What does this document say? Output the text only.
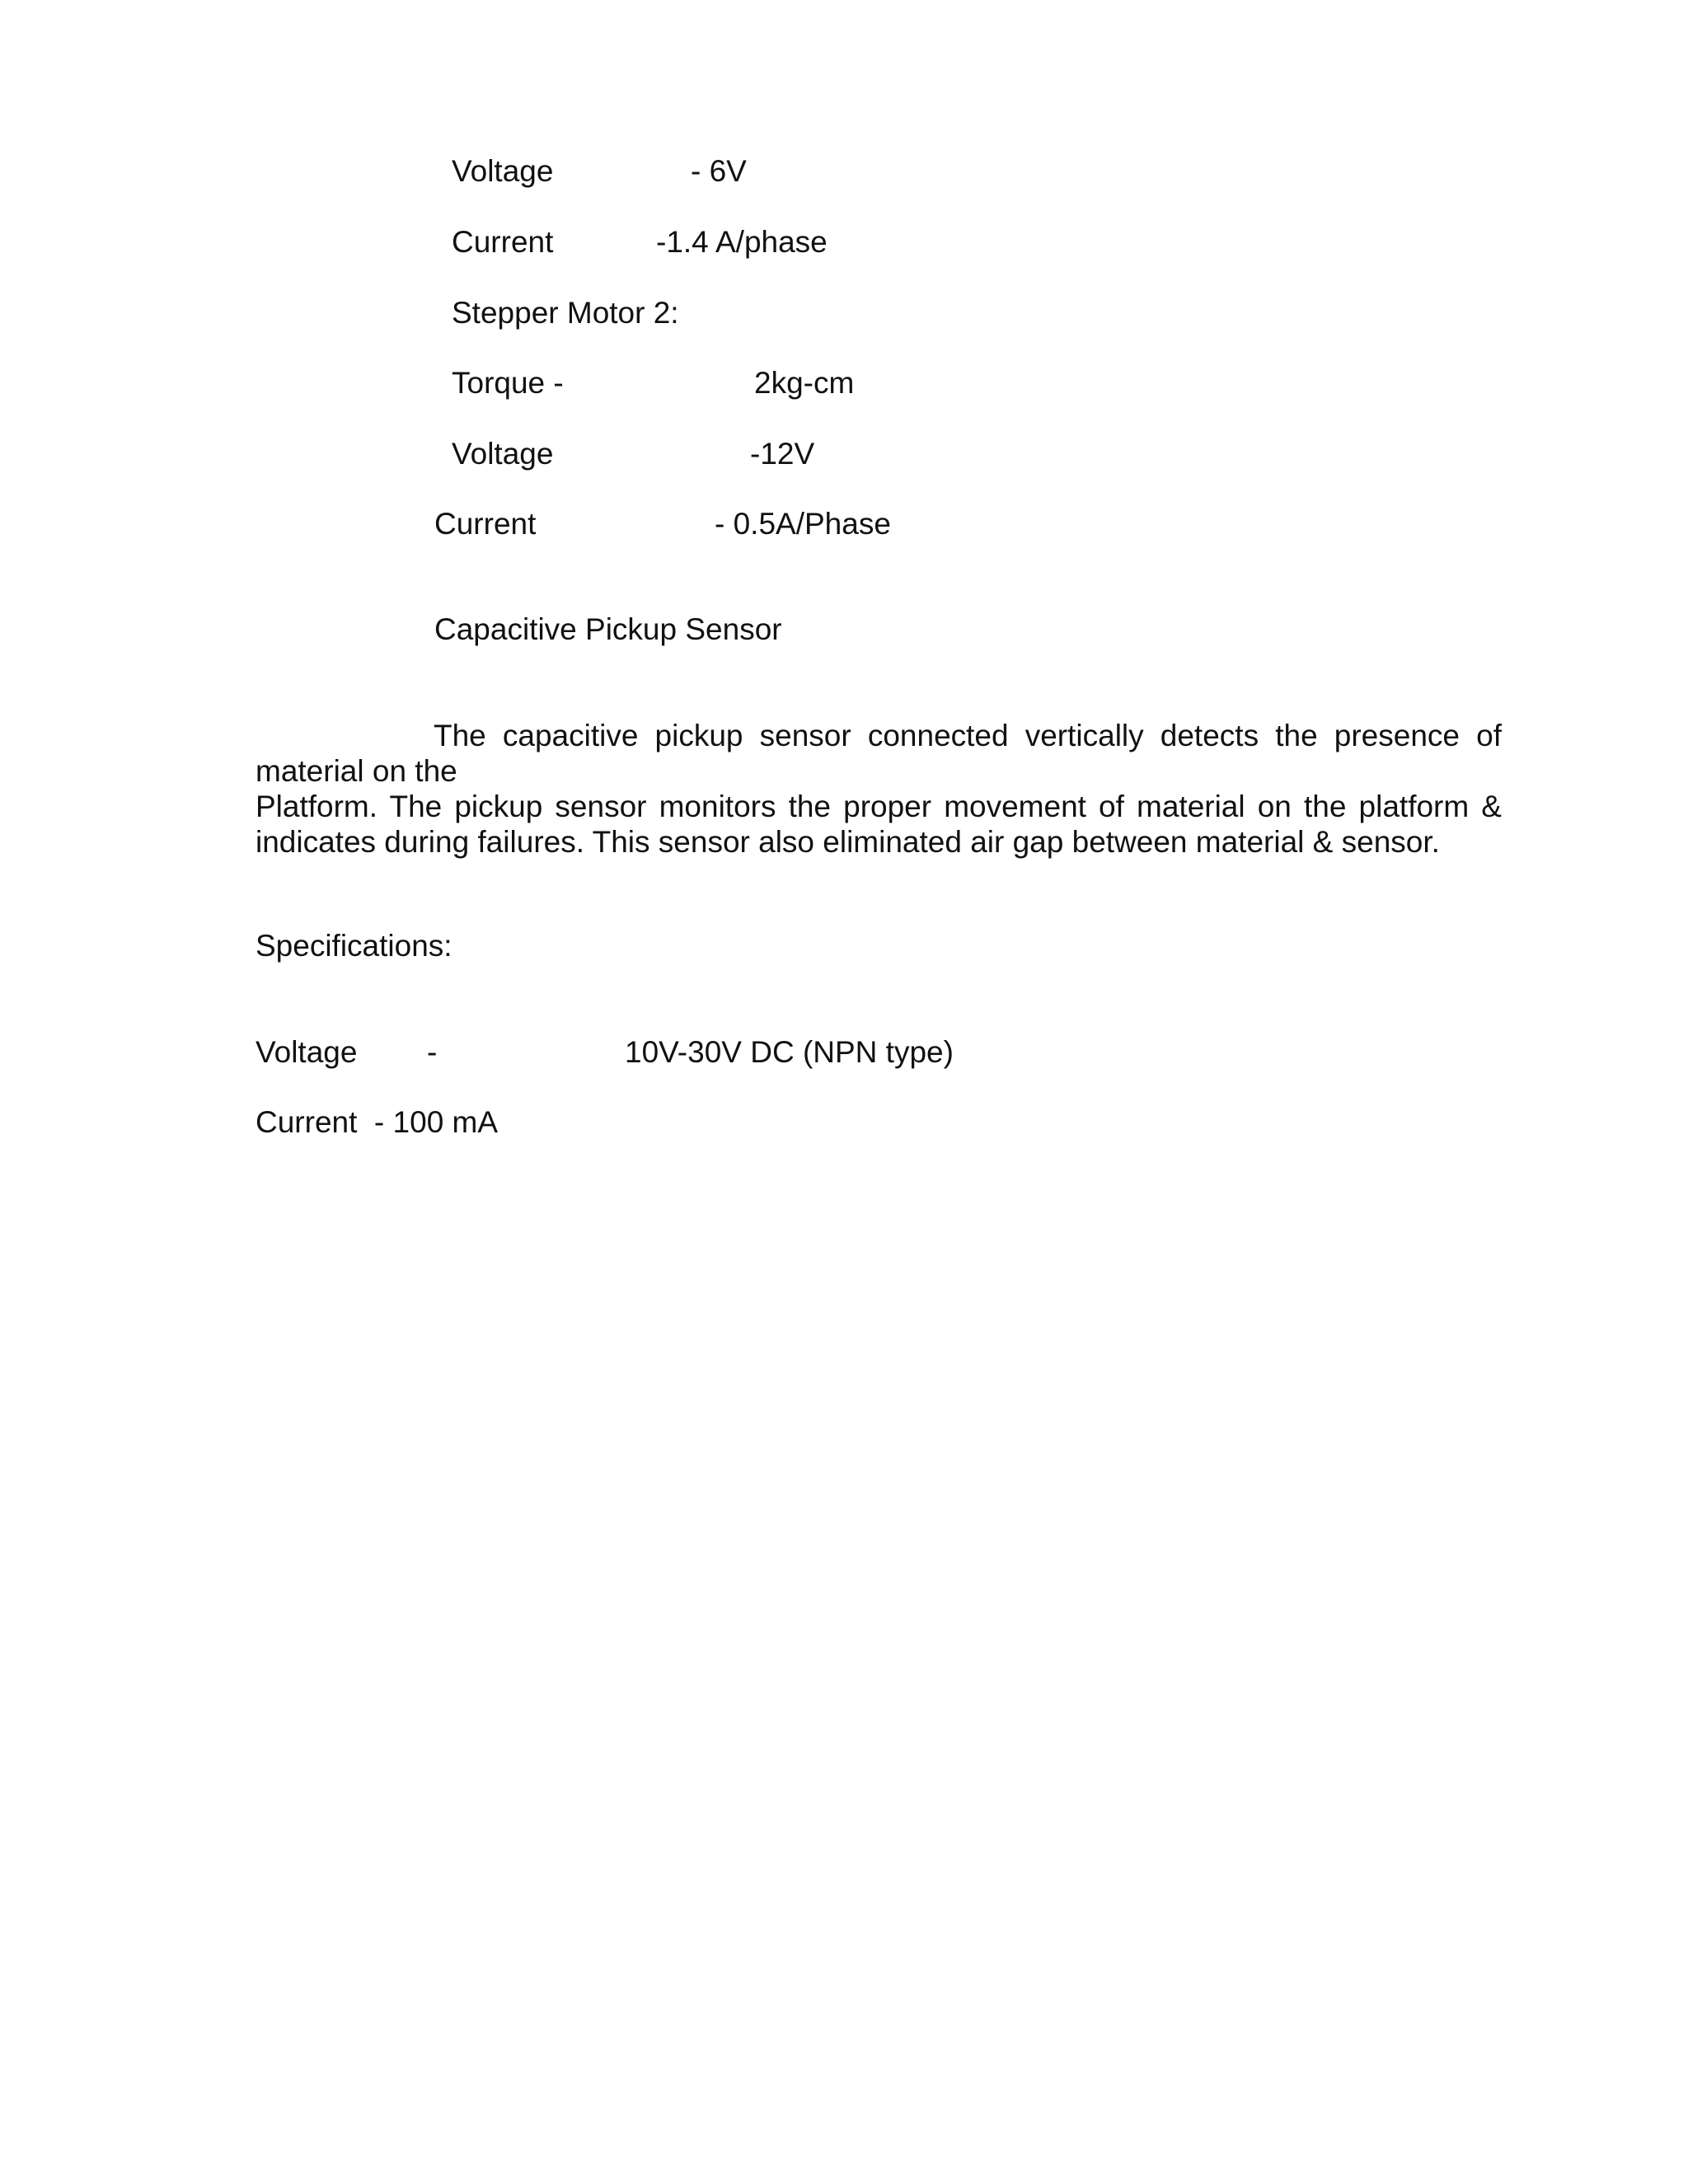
Voltage	- 6V
Current	-1.4 A/phase
Stepper Motor 2:
Torque -	2kg-cm
Voltage	-12V
Current	- 0.5A/Phase
Capacitive Pickup Sensor
The capacitive pickup sensor connected vertically detects the presence of
material on the
Platform. The pickup sensor monitors the proper movement of material on the platform &
indicates during failures. This sensor also eliminated air gap between material & sensor.
Specifications:
Voltage -	10V-30V DC (NPN type)
Current  - 100 mA
